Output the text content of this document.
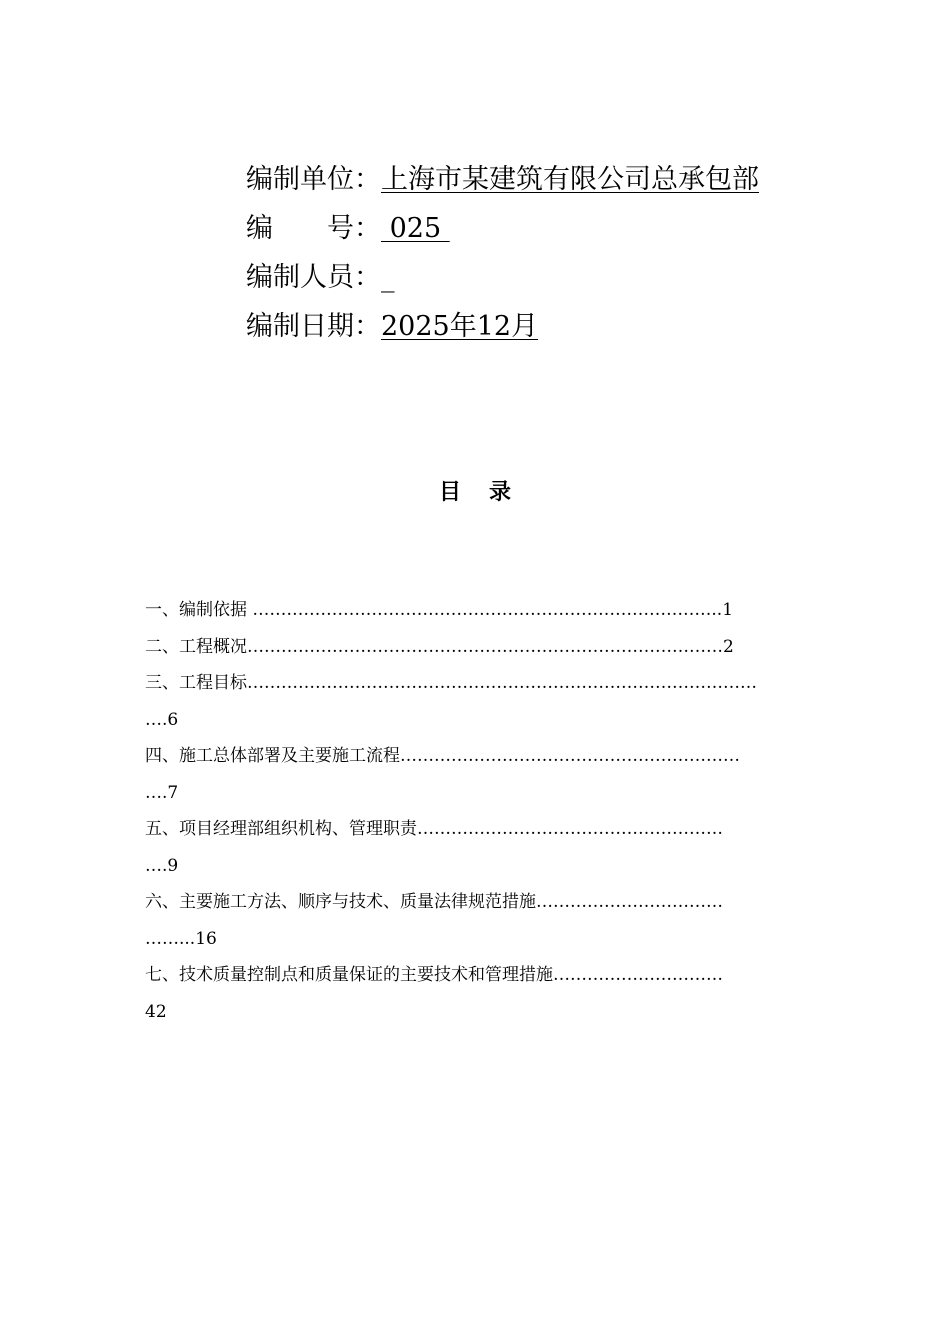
编制单位：上海市某建筑有限公司总承包部
编　　号： 025
编制人员：_
编制日期：2025年12月
目录
一、编制依据 ………………………………………………………………………..1
二、工程概况…………………………………………………………………………2
三、工程目标………………………………………………………………………………
….6
四、施工总体部署及主要施工流程……………………………………………………
….7
五、项目经理部组织机构、管理职责………………………………………………
….9
六、主要施工方法、顺序与技术、质量法律规范措施……………………………
……...16
七、技术质量控制点和质量保证的主要技术和管理措施…………………………
42
